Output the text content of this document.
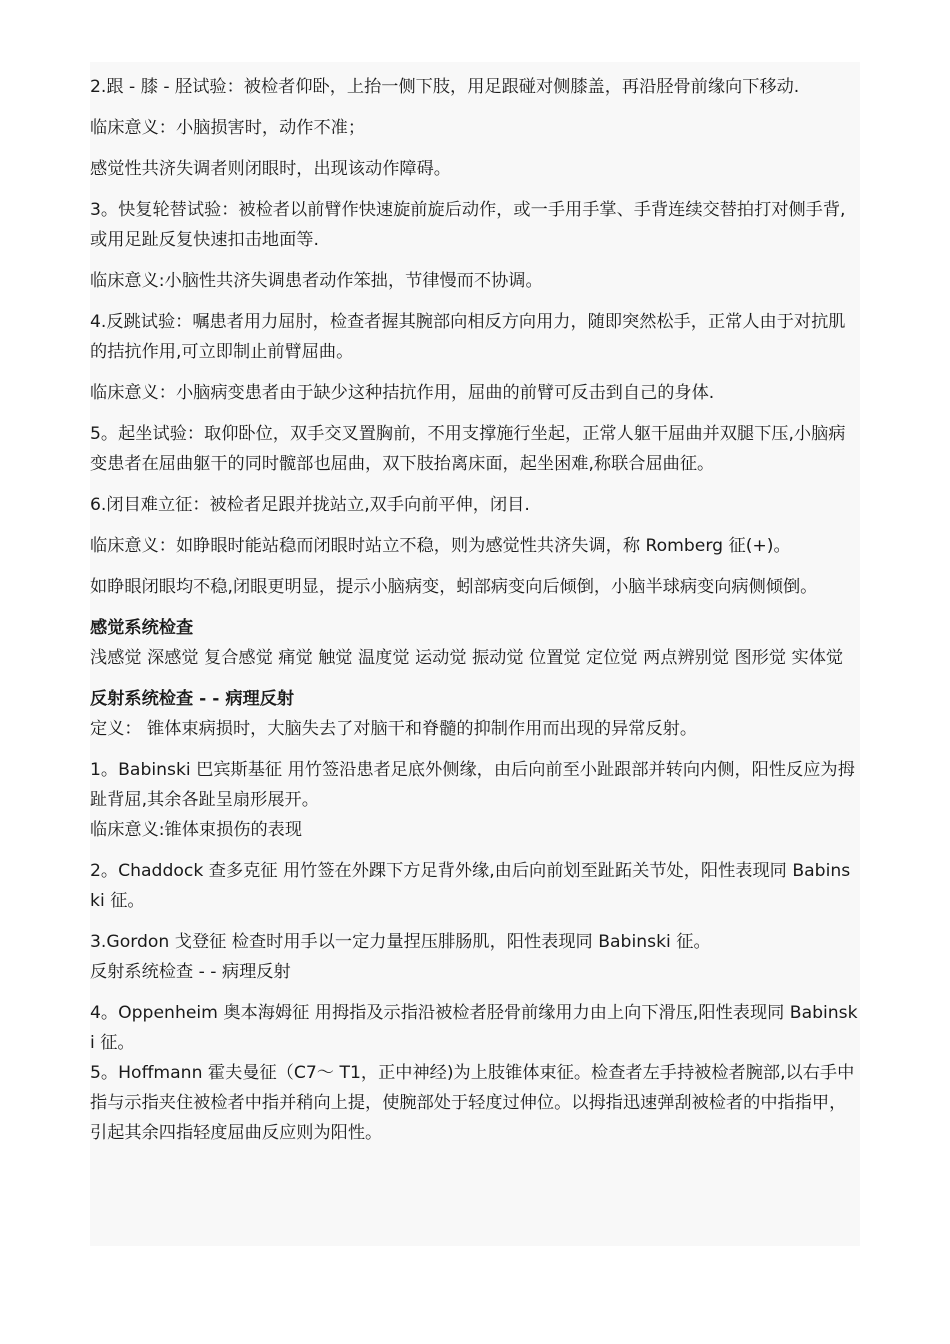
2.跟 - 膝 - 胫试验：被检者仰卧，上抬一侧下肢，用足跟碰对侧膝盖，再沿胫骨前缘向下移动.
临床意义：小脑损害时，动作不准；
感觉性共济失调者则闭眼时，出现该动作障碍。
3。快复轮替试验：被检者以前臂作快速旋前旋后动作，或一手用手掌、手背连续交替拍打对侧手背,或用足趾反复快速扣击地面等.
临床意义:小脑性共济失调患者动作笨拙，节律慢而不协调。
4.反跳试验：嘱患者用力屈肘，检查者握其腕部向相反方向用力，随即突然松手，正常人由于对抗肌的拮抗作用,可立即制止前臂屈曲。
临床意义：小脑病变患者由于缺少这种拮抗作用，屈曲的前臂可反击到自己的身体.
5。起坐试验：取仰卧位，双手交叉置胸前，不用支撑施行坐起，正常人躯干屈曲并双腿下压,小脑病变患者在屈曲躯干的同时髋部也屈曲，双下肢抬离床面，起坐困难,称联合屈曲征。
6.闭目难立征：被检者足跟并拢站立,双手向前平伸，闭目.
临床意义：如睁眼时能站稳而闭眼时站立不稳，则为感觉性共济失调，称 Romberg 征(+)。
如睁眼闭眼均不稳,闭眼更明显，提示小脑病变，蚓部病变向后倾倒，小脑半球病变向病侧倾倒。
感觉系统检查
浅感觉 深感觉 复合感觉 痛觉 触觉 温度觉 运动觉 振动觉 位置觉 定位觉 两点辨别觉 图形觉 实体觉
反射系统检查 - - 病理反射
定义： 锥体束病损时，大脑失去了对脑干和脊髓的抑制作用而出现的异常反射。
1。Babinski 巴宾斯基征 用竹签沿患者足底外侧缘，由后向前至小趾跟部并转向内侧，阳性反应为拇趾背屈,其余各趾呈扇形展开。
临床意义:锥体束损伤的表现
2。Chaddock 查多克征 用竹签在外踝下方足背外缘,由后向前划至趾跖关节处，阳性表现同 Babinski 征。
3.Gordon 戈登征 检查时用手以一定力量捏压腓肠肌，阳性表现同 Babinski 征。
反射系统检查 - - 病理反射
4。Oppenheim 奥本海姆征 用拇指及示指沿被检者胫骨前缘用力由上向下滑压,阳性表现同 Babinski 征。
5。Hoffmann 霍夫曼征（C7～ T1，正中神经)为上肢锥体束征。检查者左手持被检者腕部,以右手中指与示指夹住被检者中指并稍向上提，使腕部处于轻度过伸位。以拇指迅速弹刮被检者的中指指甲，引起其余四指轻度屈曲反应则为阳性。
